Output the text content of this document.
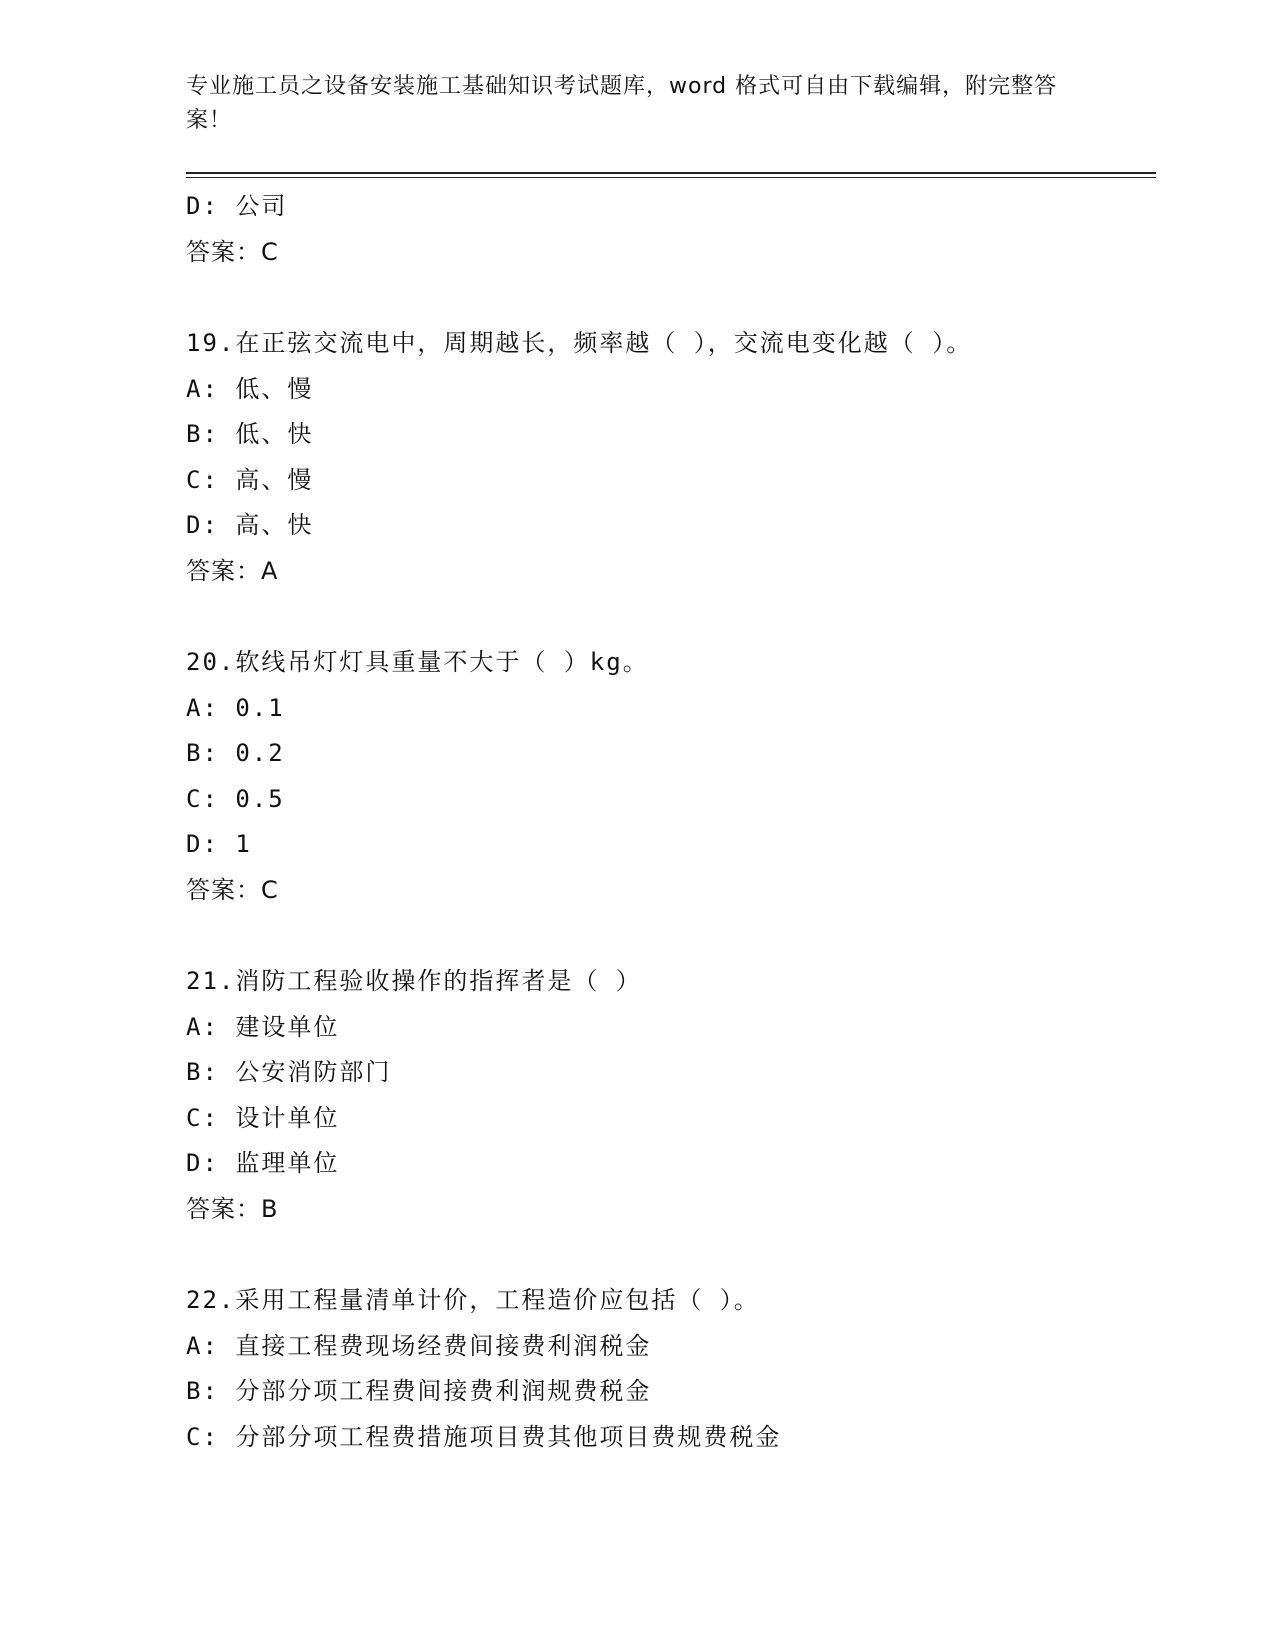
专业施工员之设备安装施工基础知识考试题库，word 格式可自由下载编辑，附完整答案！

D: 公司
答案：C
19.在正弦交流电中，周期越长，频率越（ ），交流电变化越（ ）。
A: 低、慢
B: 低、快
C: 高、慢
D: 高、快
答案：A
20.软线吊灯灯具重量不大于（ ）kg。
A: 0.1
B: 0.2
C: 0.5
D: 1
答案：C
21.消防工程验收操作的指挥者是（ ）
A: 建设单位
B: 公安消防部门
C: 设计单位
D: 监理单位
答案：B
22.采用工程量清单计价，工程造价应包括（ ）。
A: 直接工程费现场经费间接费利润税金
B: 分部分项工程费间接费利润规费税金
C: 分部分项工程费措施项目费其他项目费规费税金
